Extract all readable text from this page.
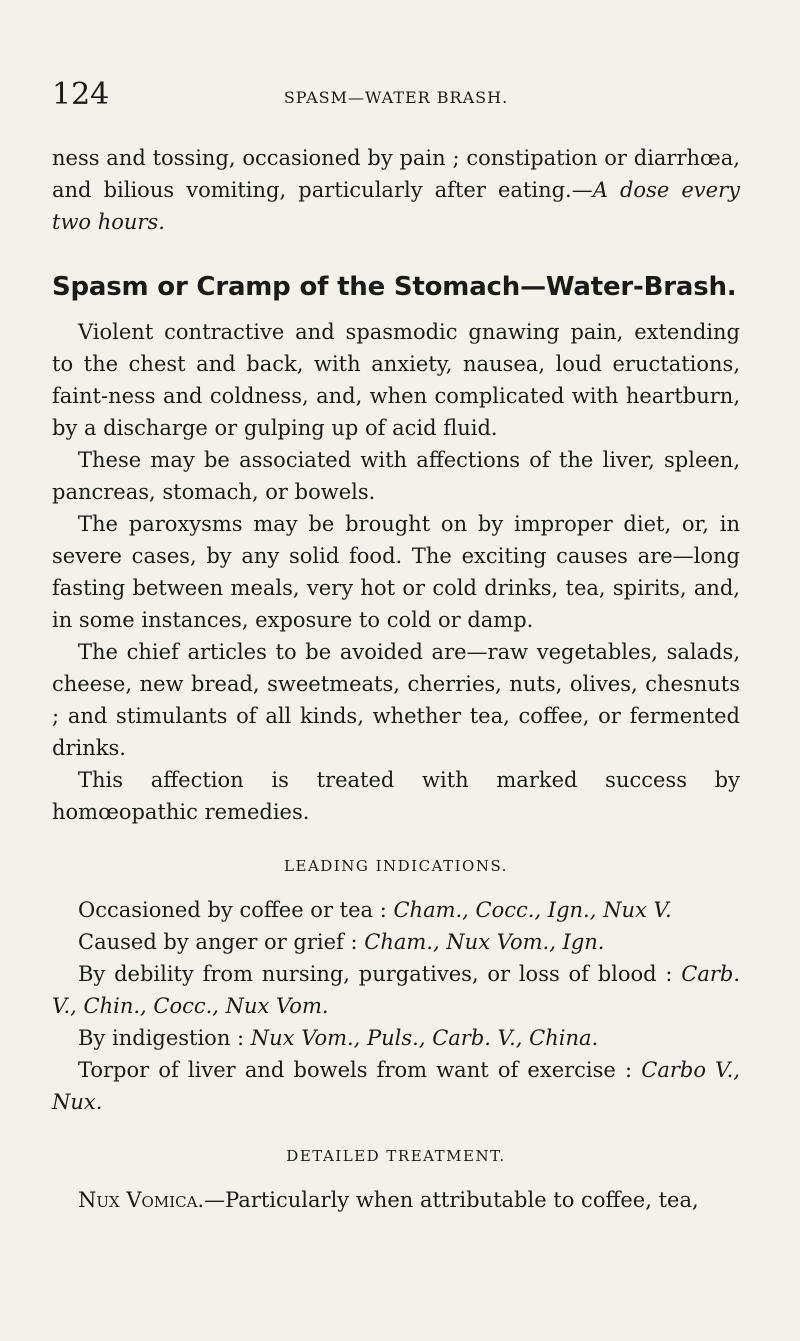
124	SPASM—WATER BRASH.

ness and tossing, occasioned by pain ; constipation or diarrhœa, and bilious vomiting, particularly after eating.—A dose every two hours.

Spasm or Cramp of the Stomach—Water-Brash.

Violent contractive and spasmodic gnawing pain, extending to the chest and back, with anxiety, nausea, loud eructations, faint-ness and coldness, and, when complicated with heartburn, by a discharge or gulping up of acid fluid.

These may be associated with affections of the liver, spleen, pancreas, stomach, or bowels.

The paroxysms may be brought on by improper diet, or, in severe cases, by any solid food. The exciting causes are—long fasting between meals, very hot or cold drinks, tea, spirits, and, in some instances, exposure to cold or damp.

The chief articles to be avoided are—raw vegetables, salads, cheese, new bread, sweetmeats, cherries, nuts, olives, chesnuts ; and stimulants of all kinds, whether tea, coffee, or fermented drinks.

This affection is treated with marked success by homœopathic remedies.

LEADING INDICATIONS.

Occasioned by coffee or tea : Cham., Cocc., Ign., Nux V.

Caused by anger or grief : Cham., Nux Vom., Ign.

By debility from nursing, purgatives, or loss of blood : Carb. V., Chin., Cocc., Nux Vom.

By indigestion : Nux Vom., Puls., Carb. V., China.

Torpor of liver and bowels from want of exercise : Carbo V., Nux.

DETAILED TREATMENT.

Nux Vomica.—Particularly when attributable to coffee, tea,
